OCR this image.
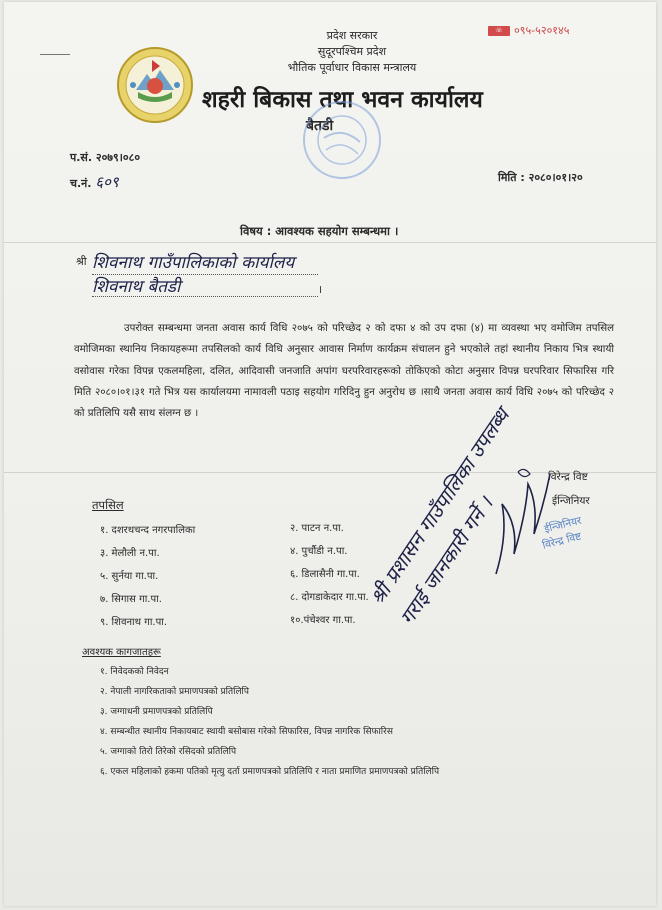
☏ ०९५-५२०१४५
प्रदेश सरकार
सुदूरपश्चिम प्रदेश
भौतिक पूर्वाधार विकास मन्त्रालय
शहरी बिकास तथा भवन कार्यालय
बैतडी
प.सं. २०७९।०८०
च.नं. ६०९	मिति : २०८०।०१।२०
विषय : आवश्यक सहयोग सम्बन्धमा ।
श्री शिवनाथ गाउँपालिकाको कार्यालय
शिवनाथ बैतडी	।
उपरोक्त सम्बन्धमा जनता अवास कार्य विधि २०७५ को परिच्छेद २ को दफा ४ को उप दफा (४) मा व्यवस्था भए वमोजिम तपसिल वमोजिमका स्थानिय निकायहरूमा तपसिलको कार्य विधि अनुसार आवास निर्माण कार्यक्रम संचालन हुने भएकोले तहां स्थानीय निकाय भित्र स्थायी वसोवास गरेका विपन्न एकलमहिला, दलित, आदिवासी जनजाति अपांग घरपरिवारहरूको तोकिएको कोटा अनुसार विपन्न घरपरिवार सिफारिस गरि मिति २०८०।०१।३१ गते भित्र यस कार्यालयमा नामावली पठाइ सहयोग गरिदिनु हुन अनुरोध छ ।साथै जनता अवास कार्य विधि २०७५ को परिच्छेद २ को प्रतिलिपि यसै साथ संलग्न छ ।
विरेन्द्र विष्ट
ईन्जिनियर
ईन्जिनियर
विरेन्द्र विष्ट
श्री प्रशासन गाउँपालिका उपलब्ध गराई जानकारी गर्ने ।
तपसिल
१. दशरथचन्द नगरपालिका
३. मेलौली न.पा.
५. सुर्नया गा.पा.
७. सिगास गा.पा.
९. शिवनाथ गा.पा.
२. पाटन न.पा.
४. पुर्चौडी न.पा.
६. डिलासैनी गा.पा.
८. दोगडाकेदार गा.पा.
१०.पंचेश्वर गा.पा.
अवश्यक कागजातहरू
१. निवेदकको निवेदन
२. नेपाली नागरिकताको प्रमाणपत्रको प्रतिलिपि
३. जग्गाधनी प्रमाणपत्रको प्रतिलिपि
४. सम्बन्धीत स्थानीय निकायबाट स्थायी बसोबास गरेको सिफारिस, विपन्न नागरिक सिफारिस
५. जग्गाको तिरो तिरेको रसिदको प्रतिलिपि
६. एकल महिलाको हकमा पतिको मृत्यु दर्ता प्रमाणपत्रको प्रतिलिपि र नाता प्रमाणित प्रमाणपत्रको प्रतिलिपि
